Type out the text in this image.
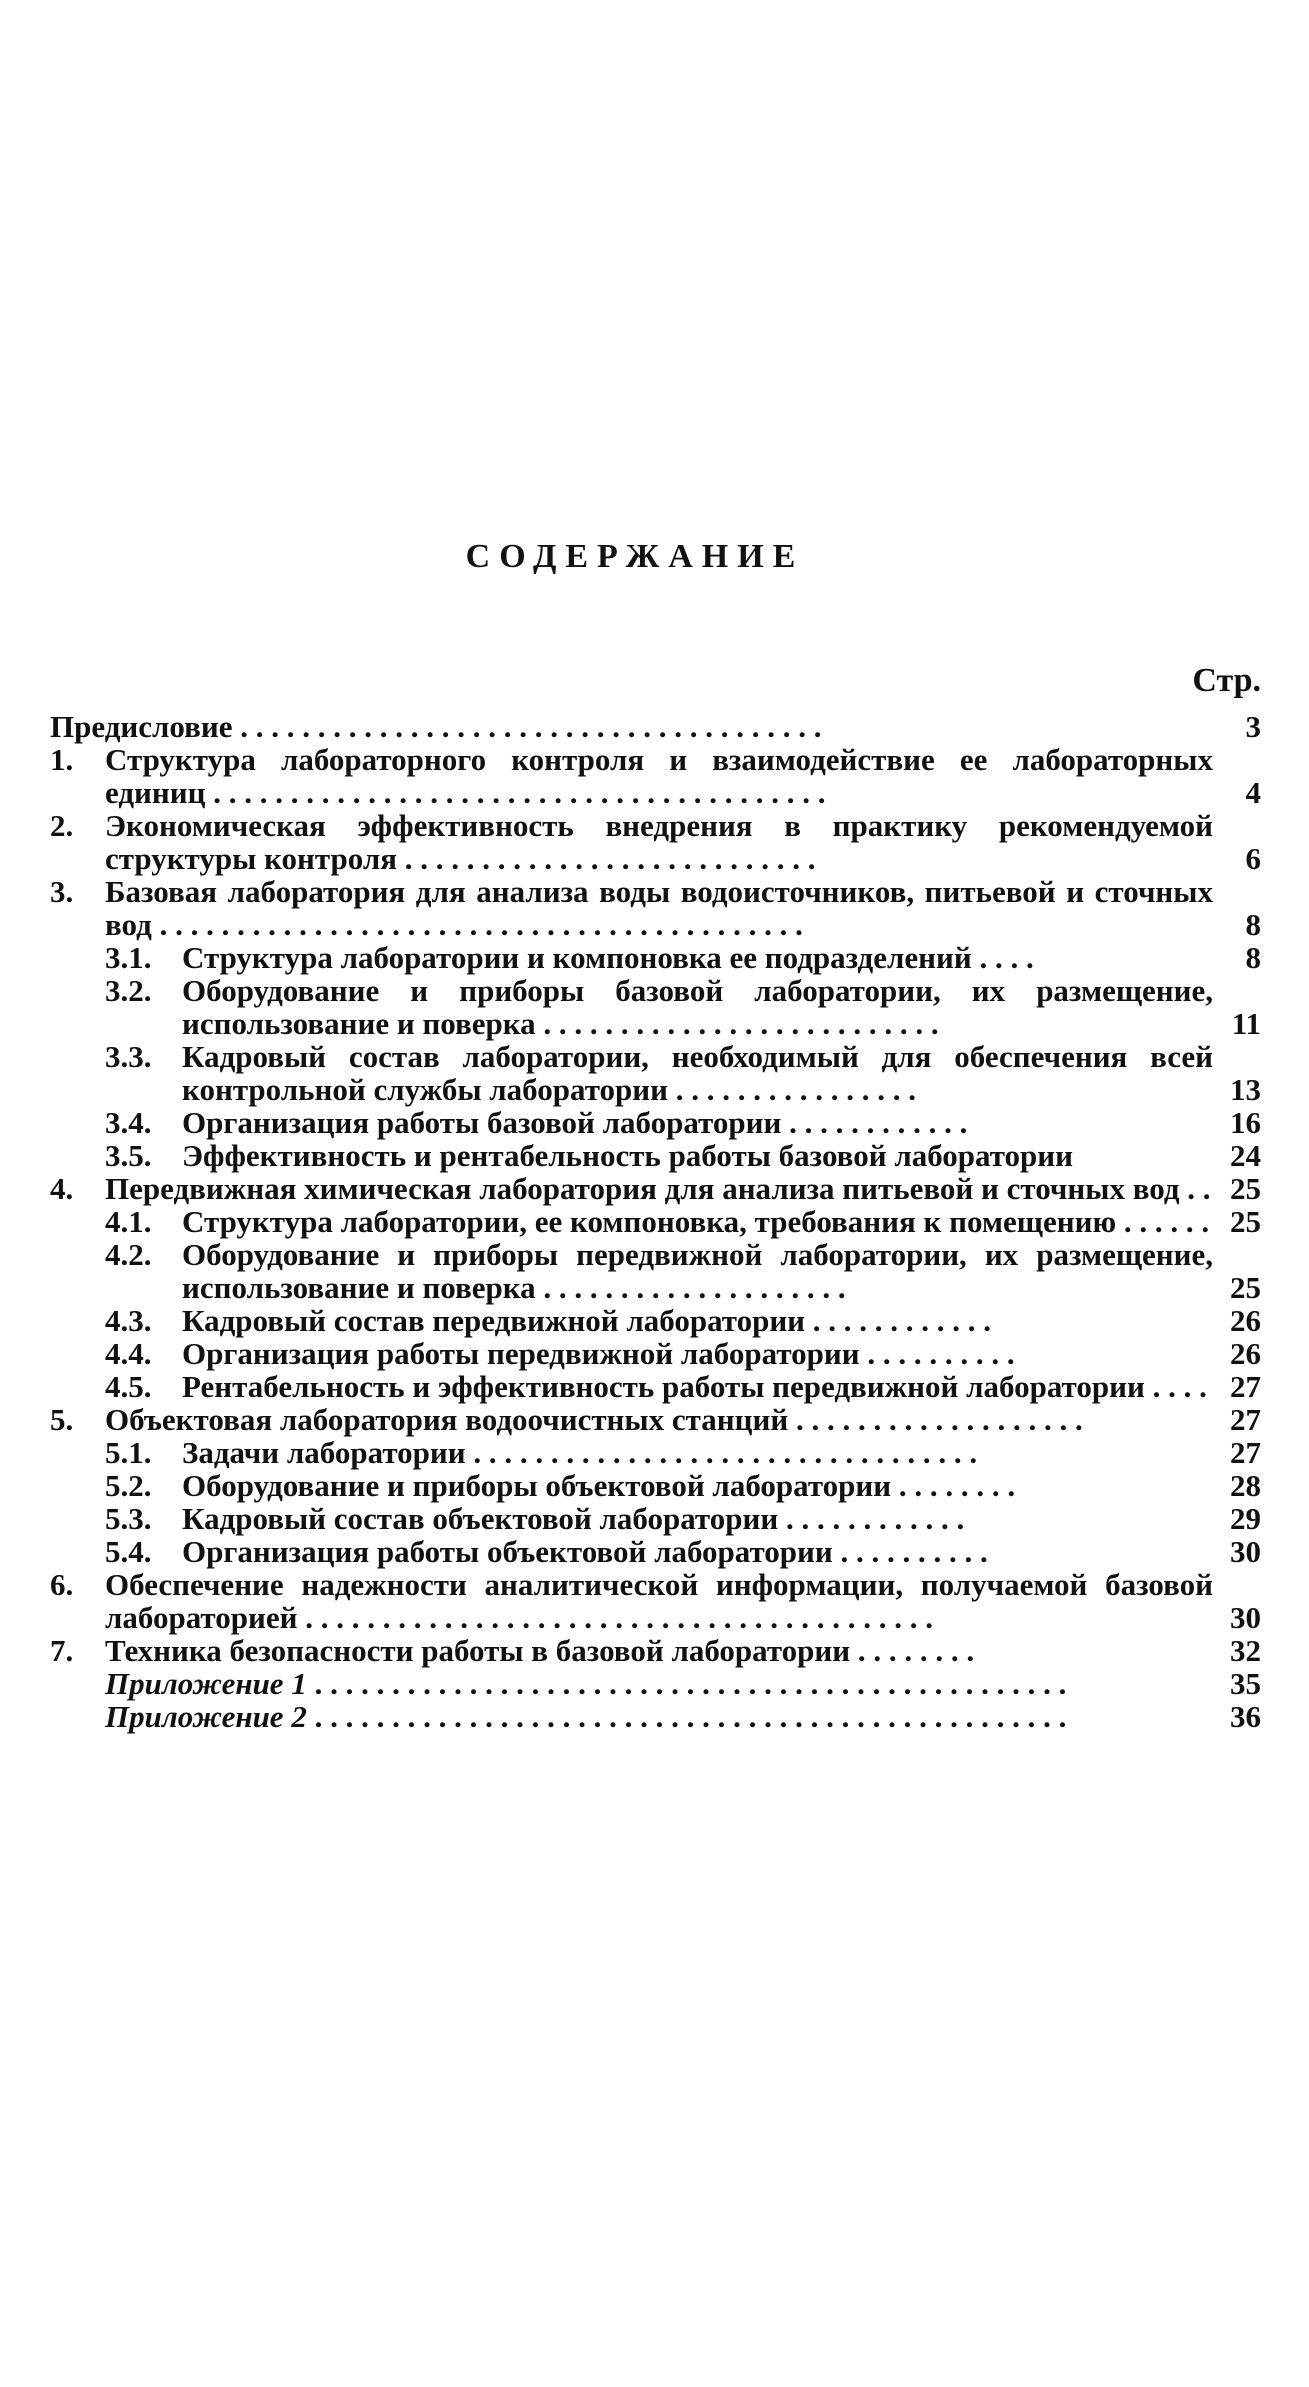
СОДЕРЖАНИЕ
Стр.
Предисловие . . . . . . . . . . . . . . . . . . . . . . . . . . . . . . . . . . . . . .	3
1. Структура лабораторного контроля и взаимодействие ее лабораторных единиц . . . . . . . . . . . . . . . . . . . . . . . . . . . . . . . . . . . . . . . .	4
2. Экономическая эффективность внедрения в практику рекомендуемой структуры контроля . . . . . . . . . . . . . . . . . . . . . . . . . . .	6
3. Базовая лаборатория для анализа воды водоисточников, питьевой и сточных вод . . . . . . . . . . . . . . . . . . . . . . . . . . . . . . . . . . . . . . . . . .	8
3.1. Структура лаборатории и компоновка ее подразделений . . . .	8
3.2. Оборудование и приборы базовой лаборатории, их размещение, использование и поверка . . . . . . . . . . . . . . . . . . . . . . . . . .	11
3.3. Кадровый состав лаборатории, необходимый для обеспечения всей контрольной службы лаборатории . . . . . . . . . . . . . . . .	13
3.4. Организация работы базовой лаборатории . . . . . . . . . . . .	16
3.5. Эффективность и рентабельность работы базовой лаборатории	24
4. Передвижная химическая лаборатория для анализа питьевой и сточных вод . . 25
4.1. Структура лаборатории, ее компоновка, требования к помещению . . . . . . 25
4.2. Оборудование и приборы передвижной лаборатории, их размещение, использование и поверка . . . . . . . . . . . . . . . . . . . .	25
4.3. Кадровый состав передвижной лаборатории . . . . . . . . . . . .	26
4.4. Организация работы передвижной лаборатории . . . . . . . . . .	26
4.5. Рентабельность и эффективность работы передвижной лаборатории . . . . 27
5. Объектовая лаборатория водоочистных станций . . . . . . . . . . . . . . . . . . .	27
5.1. Задачи лаборатории . . . . . . . . . . . . . . . . . . . . . . . . . . . . . . . . .	27
5.2. Оборудование и приборы объектовой лаборатории . . . . . . . .	28
5.3. Кадровый состав объектовой лаборатории . . . . . . . . . . . .	29
5.4. Организация работы объектовой лаборатории . . . . . . . . . .	30
6. Обеспечение надежности аналитической информации, получаемой базовой лабораторией . . . . . . . . . . . . . . . . . . . . . . . . . . . . . . . . . . . . . . . . .	30
7. Техника безопасности работы в базовой лаборатории . . . . . . . .	32
Приложение 1 . . . . . . . . . . . . . . . . . . . . . . . . . . . . . . . . . . . . . . . . . . . . . . . . .	35
Приложение 2 . . . . . . . . . . . . . . . . . . . . . . . . . . . . . . . . . . . . . . . . . . . . . . . . .	36
